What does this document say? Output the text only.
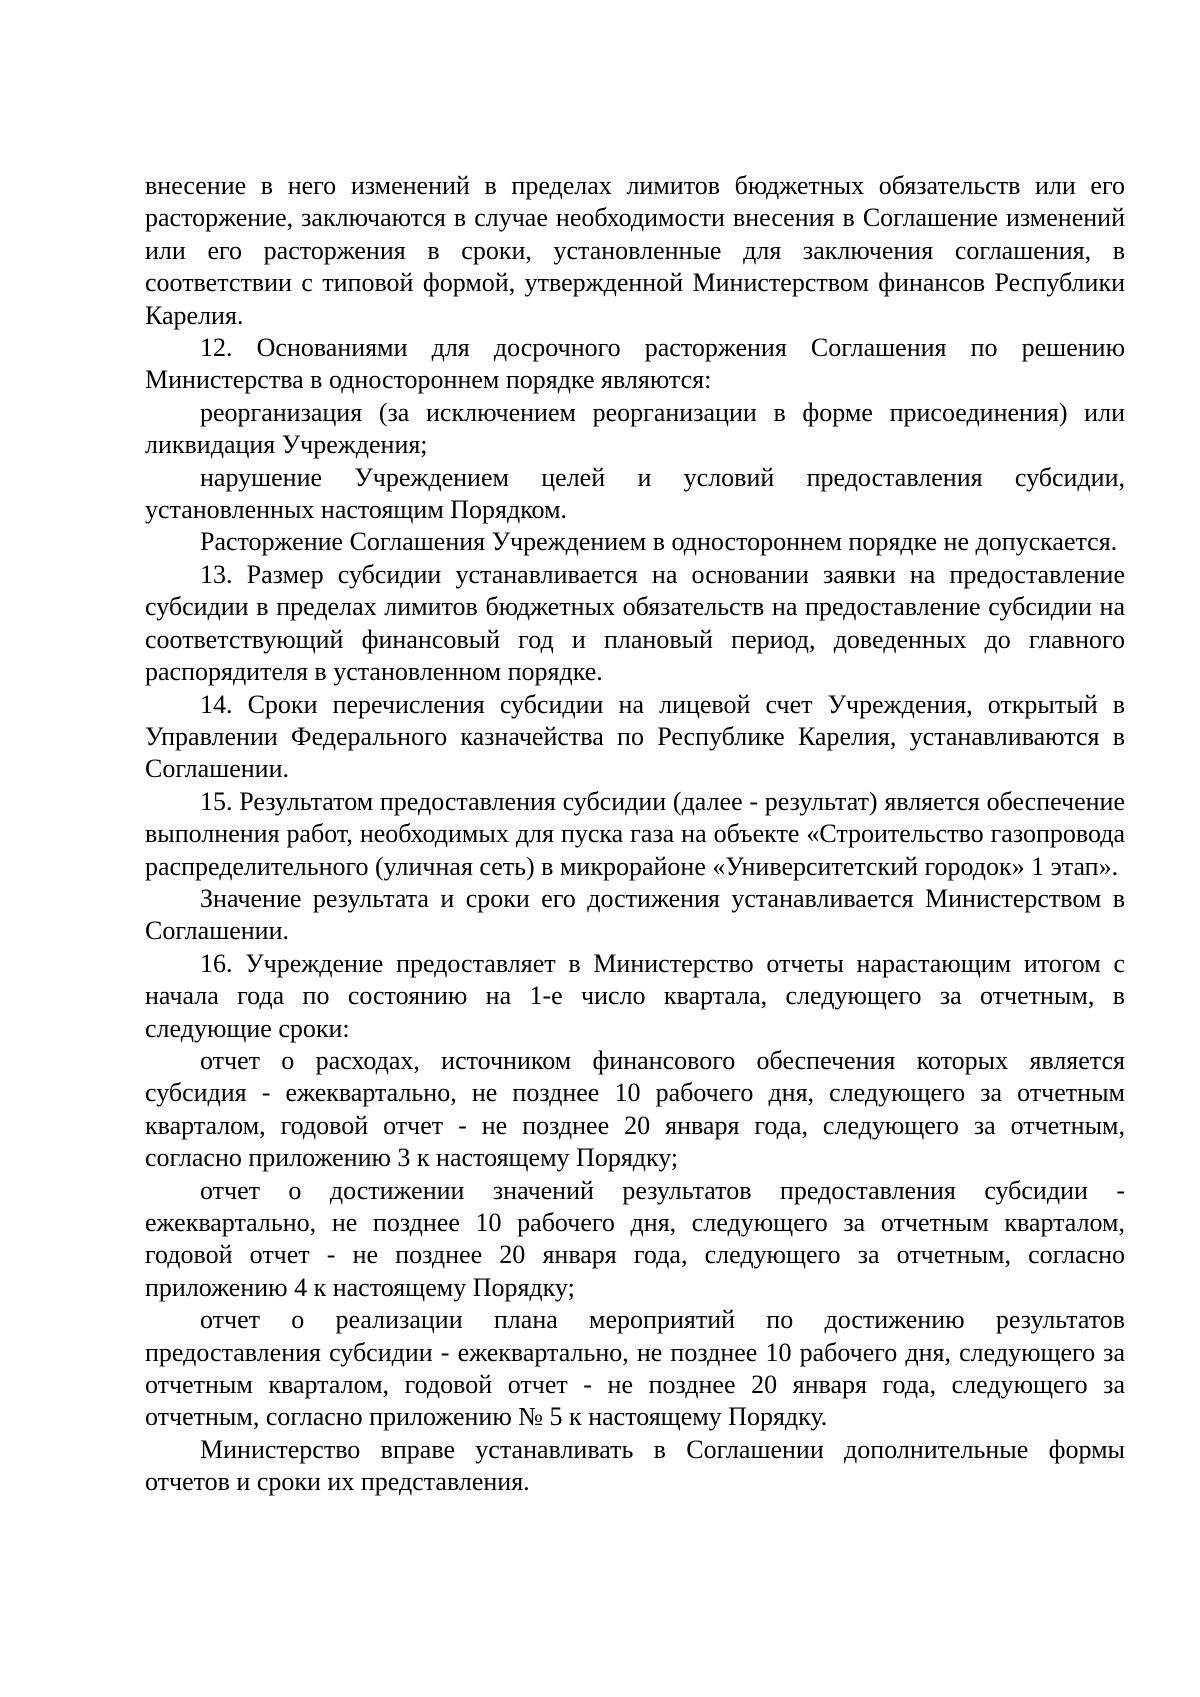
внесение в него изменений в пределах лимитов бюджетных обязательств или его расторжение, заключаются в случае необходимости внесения в Соглашение изменений или его расторжения в сроки, установленные для заключения соглашения, в соответствии с типовой формой, утвержденной Министерством финансов Республики Карелия.

12. Основаниями для досрочного расторжения Соглашения по решению Министерства в одностороннем порядке являются:

реорганизация (за исключением реорганизации в форме присоединения) или ликвидация Учреждения;

нарушение Учреждением целей и условий предоставления субсидии, установленных настоящим Порядком.

Расторжение Соглашения Учреждением в одностороннем порядке не допускается.

13. Размер субсидии устанавливается на основании заявки на предоставление субсидии в пределах лимитов бюджетных обязательств на предоставление субсидии на соответствующий финансовый год и плановый период, доведенных до главного распорядителя в установленном порядке.

14. Сроки перечисления субсидии на лицевой счет Учреждения, открытый в Управлении Федерального казначейства по Республике Карелия, устанавливаются в Соглашении.

15. Результатом предоставления субсидии (далее - результат) является обеспечение выполнения работ, необходимых для пуска газа на объекте «Строительство газопровода распределительного (уличная сеть) в микрорайоне «Университетский городок» 1 этап».

Значение результата и сроки его достижения устанавливается Министерством в Соглашении.

16. Учреждение предоставляет в Министерство отчеты нарастающим итогом с начала года по состоянию на 1-е число квартала, следующего за отчетным, в следующие сроки:

отчет о расходах, источником финансового обеспечения которых является субсидия - ежеквартально, не позднее 10 рабочего дня, следующего за отчетным кварталом, годовой отчет - не позднее 20 января года, следующего за отчетным, согласно приложению 3 к настоящему Порядку;

отчет о достижении значений результатов предоставления субсидии - ежеквартально, не позднее 10 рабочего дня, следующего за отчетным кварталом, годовой отчет - не позднее 20 января года, следующего за отчетным, согласно приложению 4 к настоящему Порядку;

отчет о реализации плана мероприятий по достижению результатов предоставления субсидии - ежеквартально, не позднее 10 рабочего дня, следующего за отчетным кварталом, годовой отчет - не позднее 20 января года, следующего за отчетным, согласно приложению № 5 к настоящему Порядку.

Министерство вправе устанавливать в Соглашении дополнительные формы отчетов и сроки их представления.
